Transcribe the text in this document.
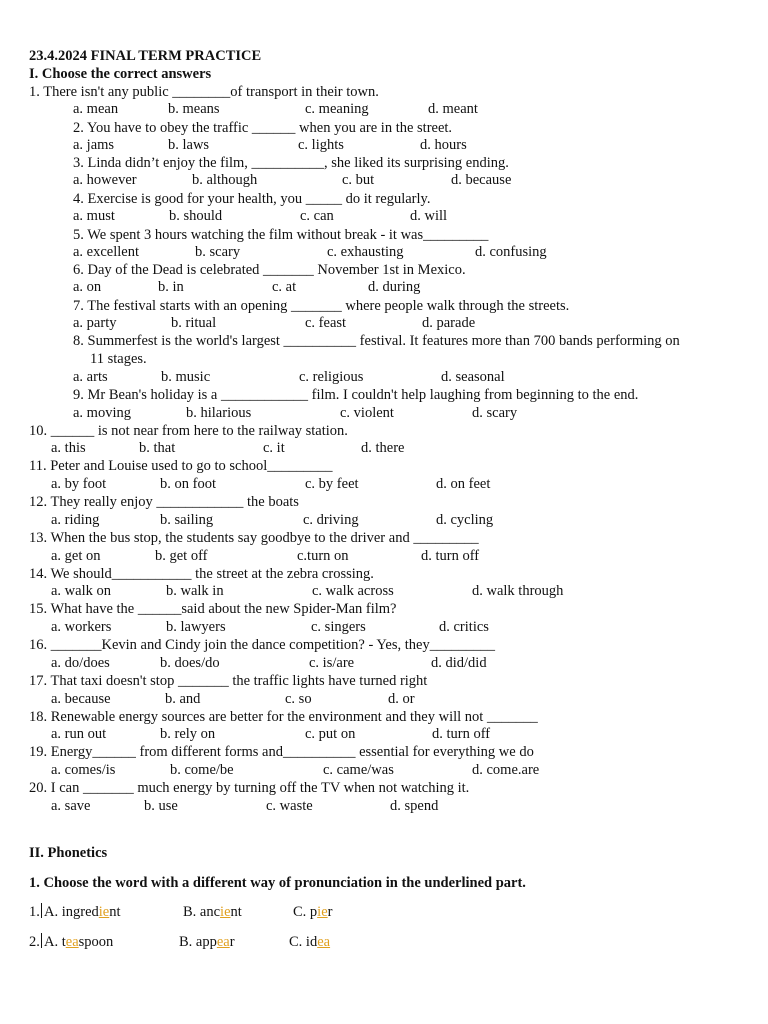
23.4.2024 FINAL TERM PRACTICE
I. Choose the correct answers
1. There isn't any public ________of transport in their town.
a. mean	b. means	c. meaning	d. meant
2. You have to obey the traffic ______ when you are in the street.
a. jams	b. laws	c. lights	d. hours
3. Linda didn’t enjoy the film, __________, she liked its surprising ending.
a. however	b. although	c. but	d. because
4. Exercise is good for your health, you _____ do it regularly.
a. must	b. should	c. can	d. will
5. We spent 3 hours watching the film without break - it was_________
a. excellent	b. scary	c. exhausting	d. confusing
6. Day of the Dead is celebrated _______ November 1st in Mexico.
a. on	b. in	c. at	d. during
7. The festival starts with an opening _______ where people walk through the streets.
a. party	b. ritual	c. feast	d. parade
8. Summerfest is the world's largest __________ festival. It features more than 700 bands performing on
11 stages.
a. arts	b. music	c. religious	d. seasonal
9. Mr Bean's holiday is a ____________ film. I couldn't help laughing from beginning to the end.
a. moving	b. hilarious	c. violent	d. scary
10. ______ is not near from here to the railway station.
a. this	b. that	c. it	d. there
11. Peter and Louise used to go to school_________
a. by foot	b. on foot	c. by feet	d. on feet
12. They really enjoy ____________ the boats
a. riding	b. sailing	c. driving	d. cycling
13. When the bus stop, the students say goodbye to the driver and _________
a. get on	b. get off	c.turn on	d. turn off
14. We should___________ the street at the zebra crossing.
a. walk on	b. walk in	c. walk across	d. walk through
15. What have the ______said about the new Spider-Man film?
a. workers	b. lawyers	c. singers	d. critics
16. _______Kevin and Cindy join the dance competition? - Yes, they_________
a. do/does	b. does/do	c. is/are	d. did/did
17. That taxi doesn't stop _______ the traffic lights have turned right
a. because	b. and	c. so	d. or
18. Renewable energy sources are better for the environment and they will not _______
a. run out	b. rely on	c. put on	d. turn off
19. Energy______ from different forms and__________ essential for everything we do
a. comes/is	b. come/be	c. came/was	d. come.are
20. I can _______ much energy by turning off the TV when not watching it.
a. save	b. use	c. waste	d. spend
II. Phonetics
1. Choose the word with a different way of pronunciation in the underlined part.
1. A. ingredient	B. ancient	C. pier
2. A. teaspoon	B. appear	C. idea
